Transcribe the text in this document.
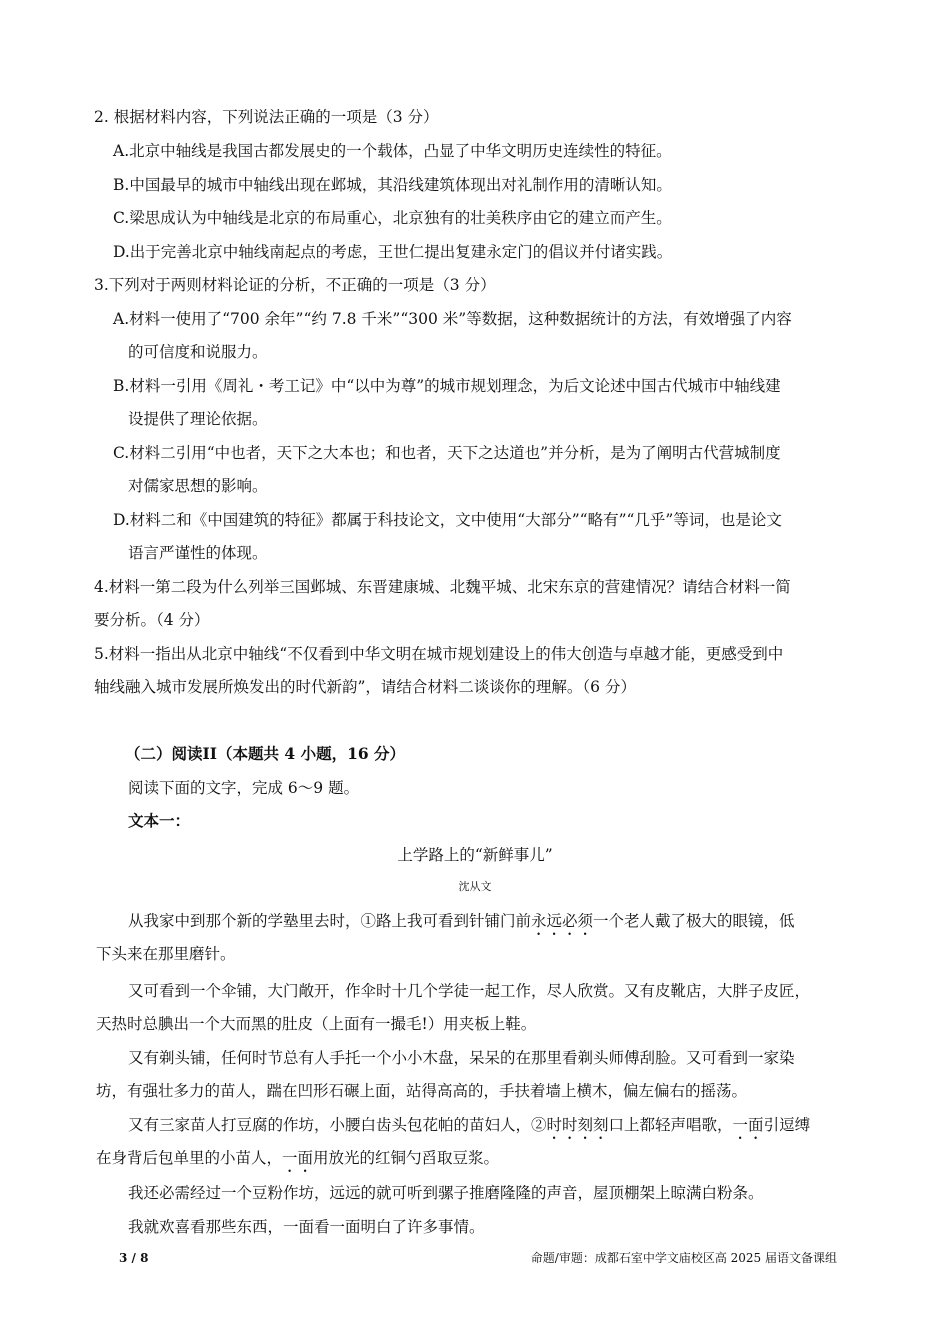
2. 根据材料内容，下列说法正确的一项是（3 分）
A.北京中轴线是我国古都发展史的一个载体，凸显了中华文明历史连续性的特征。
B.中国最早的城市中轴线出现在邺城，其沿线建筑体现出对礼制作用的清晰认知。
C.梁思成认为中轴线是北京的布局重心，北京独有的壮美秩序由它的建立而产生。
D.出于完善北京中轴线南起点的考虑，王世仁提出复建永定门的倡议并付诸实践。
3.下列对于两则材料论证的分析，不正确的一项是（3 分）
A.材料一使用了“700 余年”“约 7.8 千米”“300 米”等数据，这种数据统计的方法，有效增强了内容
的可信度和说服力。
B.材料一引用《周礼・考工记》中“以中为尊”的城市规划理念，为后文论述中国古代城市中轴线建
设提供了理论依据。
C.材料二引用“中也者，天下之大本也；和也者，天下之达道也”并分析，是为了阐明古代营城制度
对儒家思想的影响。
D.材料二和《中国建筑的特征》都属于科技论文，文中使用“大部分”“略有”“几乎”等词，也是论文
语言严谨性的体现。
4.材料一第二段为什么列举三国邺城、东晋建康城、北魏平城、北宋东京的营建情况？请结合材料一简
要分析。（4 分）
5.材料一指出从北京中轴线“不仅看到中华文明在城市规划建设上的伟大创造与卓越才能，更感受到中
轴线融入城市发展所焕发出的时代新韵”，请结合材料二谈谈你的理解。（6 分）
（二）阅读II（本题共 4 小题，16 分）
阅读下面的文字，完成 6～9 题。
文本一：
上学路上的“新鲜事儿”
沈从文
从我家中到那个新的学塾里去时，①路上我可看到针铺门前永远必须一个老人戴了极大的眼镜，低
下头来在那里磨针。
又可看到一个伞铺，大门敞开，作伞时十几个学徒一起工作，尽人欣赏。又有皮靴店，大胖子皮匠，
天热时总腆出一个大而黑的肚皮（上面有一撮毛!）用夹板上鞋。
又有剃头铺，任何时节总有人手托一个小小木盘，呆呆的在那里看剃头师傅刮脸。又可看到一家染
坊，有强壮多力的苗人，踹在凹形石碾上面，站得高高的，手扶着墙上横木，偏左偏右的摇荡。
又有三家苗人打豆腐的作坊，小腰白齿头包花帕的苗妇人，②时时刻刻口上都轻声唱歌，一面引逗缚
在身背后包单里的小苗人，一面用放光的红铜勺舀取豆浆。
我还必需经过一个豆粉作坊，远远的就可听到骡子推磨隆隆的声音，屋顶棚架上晾满白粉条。
我就欢喜看那些东西，一面看一面明白了许多事情。
3 / 8	命题/审题：成都石室中学文庙校区高 2025 届语文备课组
